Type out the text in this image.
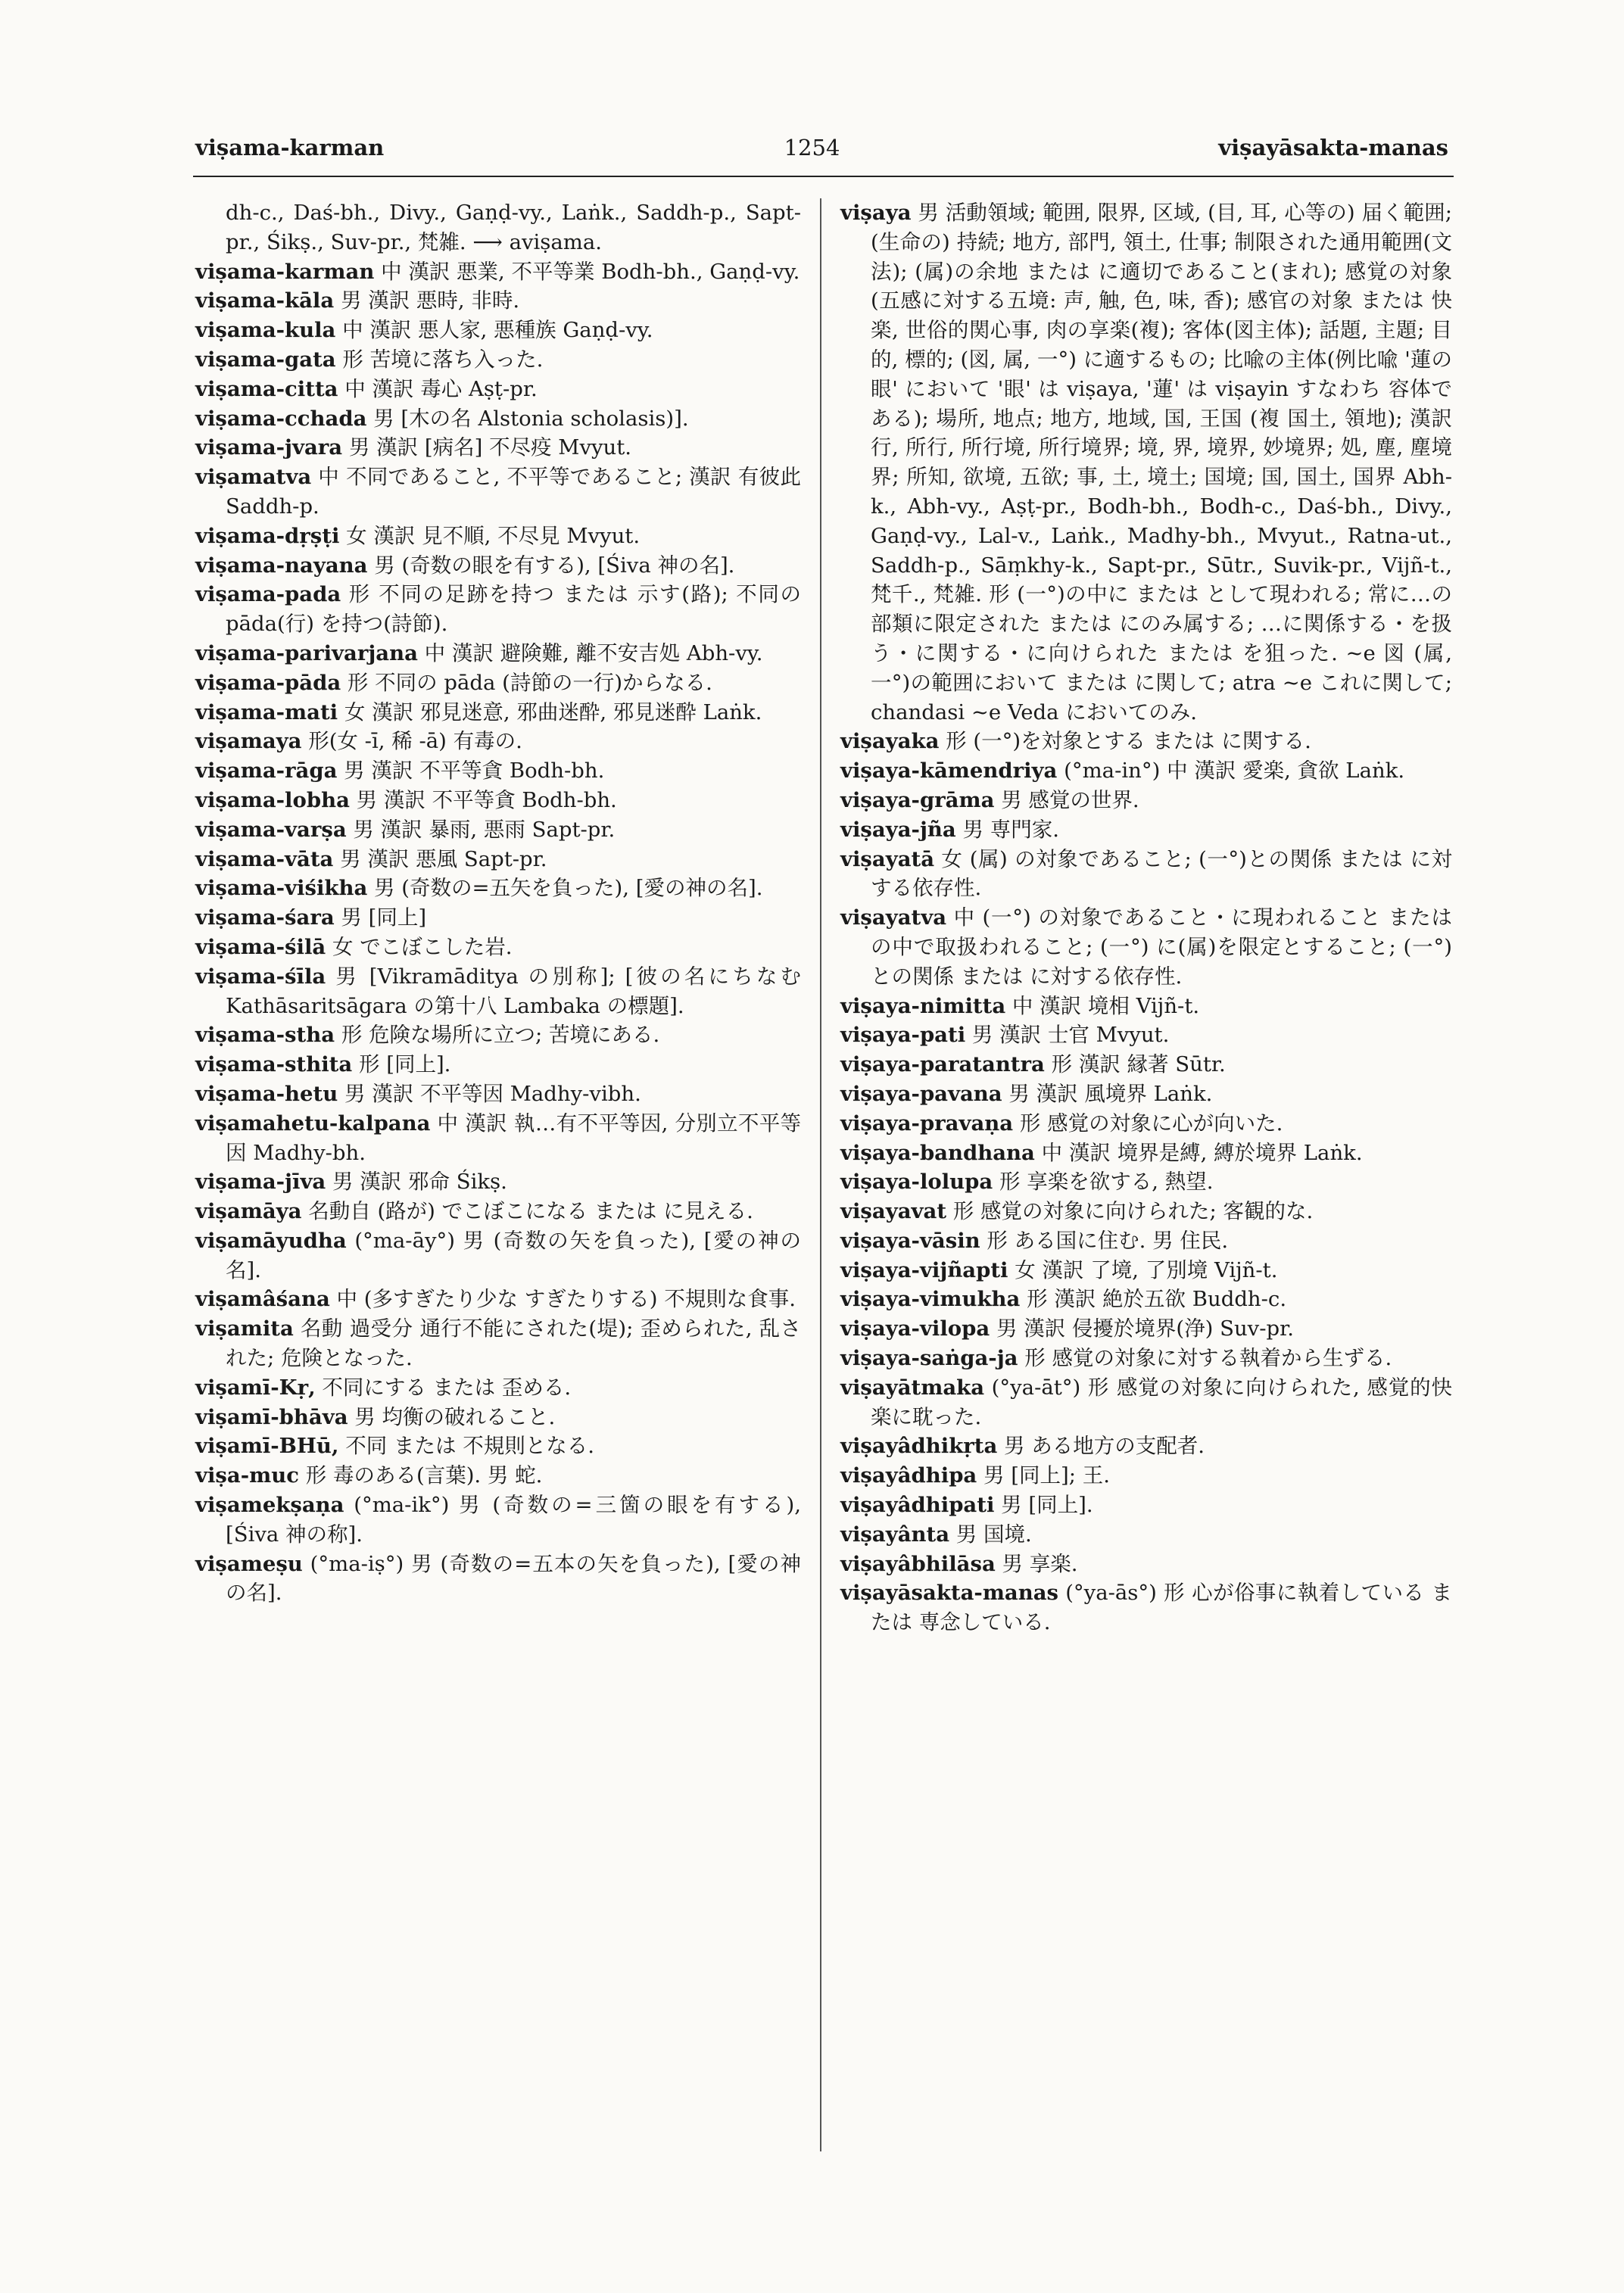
viṣama-karman	1254	viṣayāsakta-manas

dh-c., Daś-bh., Divy., Gaṇḍ-vy., Laṅk., Saddh-p., Sapt-pr., Śikṣ., Suv-pr., 梵雑. ⟶ aviṣama.

viṣama-karman 中 漢訳 悪業, 不平等業 Bodh-bh., Gaṇḍ-vy.

viṣama-kāla 男 漢訳 悪時, 非時.

viṣama-kula 中 漢訳 悪人家, 悪種族 Gaṇḍ-vy.

viṣama-gata 形 苦境に落ち入った.

viṣama-citta 中 漢訳 毒心 Aṣṭ-pr.

viṣama-cchada 男 [木の名 Alstonia scholasis)].

viṣama-jvara 男 漢訳 [病名] 不尽疫 Mvyut.

viṣamatva 中 不同であること, 不平等であること; 漢訳 有彼此 Saddh-p.

viṣama-dṛṣṭi 女 漢訳 見不順, 不尽見 Mvyut.

viṣama-nayana 男 (奇数の眼を有する), [Śiva 神の名].

viṣama-pada 形 不同の足跡を持つ または 示す(路); 不同の pāda(行) を持つ(詩節).

viṣama-parivarjana 中 漢訳 避険難, 離不安吉処 Abh-vy.

viṣama-pāda 形 不同の pāda (詩節の一行)からなる.

viṣama-mati 女 漢訳 邪見迷意, 邪曲迷酔, 邪見迷酔 Laṅk.

viṣamaya 形(女 -ī, 稀 -ā) 有毒の.

viṣama-rāga 男 漢訳 不平等貪 Bodh-bh.

viṣama-lobha 男 漢訳 不平等貪 Bodh-bh.

viṣama-varṣa 男 漢訳 暴雨, 悪雨 Sapt-pr.

viṣama-vāta 男 漢訳 悪風 Sapt-pr.

viṣama-viśikha 男 (奇数の=五矢を負った), [愛の神の名].

viṣama-śara 男 [同上]

viṣama-śilā 女 でこぼこした岩.

viṣama-śīla 男 [Vikramāditya の別称]; [彼の名にちなむ Kathāsaritsāgara の第十八 Lambaka の標題].

viṣama-stha 形 危険な場所に立つ; 苦境にある.

viṣama-sthita 形 [同上].

viṣama-hetu 男 漢訳 不平等因 Madhy-vibh.

viṣamahetu-kalpana 中 漢訳 執…有不平等因, 分別立不平等因 Madhy-bh.

viṣama-jīva 男 漢訳 邪命 Śikṣ.

viṣamāya 名動自 (路が) でこぼこになる または に見える.

viṣamāyudha (°ma-āy°) 男 (奇数の矢を負った), [愛の神の名].

viṣamâśana 中 (多すぎたり少な すぎたりする) 不規則な食事.

viṣamita 名動 過受分 通行不能にされた(堤); 歪められた, 乱された; 危険となった.

viṣamī-Kṛ, 不同にする または 歪める.

viṣamī-bhāva 男 均衡の破れること.

viṣamī-BHū, 不同 または 不規則となる.

viṣa-muc 形 毒のある(言葉). 男 蛇.

viṣamekṣaṇa (°ma-ik°) 男 (奇数の=三箇の眼を有する), [Śiva 神の称].

viṣameṣu (°ma-iṣ°) 男 (奇数の=五本の矢を負った), [愛の神の名].

viṣaya 男 活動領域; 範囲, 限界, 区域, (目, 耳, 心等の) 届く範囲; (生命の) 持続; 地方, 部門, 領土, 仕事; 制限された通用範囲(文法); (属)の余地 または に適切であること(まれ); 感覚の対象 (五感に対する五境: 声, 触, 色, 味, 香); 感官の対象 または 快楽, 世俗的関心事, 肉の享楽(複); 客体(図主体); 話題, 主題; 目的, 標的; (図, 属, 一°) に適するもの; 比喩の主体(例比喩 '蓮の眼' において '眼' は viṣaya, '蓮' は viṣayin すなわち 容体である); 場所, 地点; 地方, 地域, 国, 王国 (複 国土, 領地); 漢訳 行, 所行, 所行境, 所行境界; 境, 界, 境界, 妙境界; 処, 塵, 塵境界; 所知, 欲境, 五欲; 事, 土, 境土; 国境; 国, 国土, 国界 Abh-k., Abh-vy., Aṣṭ-pr., Bodh-bh., Bodh-c., Daś-bh., Divy., Gaṇḍ-vy., Lal-v., Laṅk., Madhy-bh., Mvyut., Ratna-ut., Saddh-p., Sāṃkhy-k., Sapt-pr., Sūtr., Suvik-pr., Vijñ-t., 梵千., 梵雑. 形 (一°)の中に または として現われる; 常に…の部類に限定された または にのみ属する; …に関係する・を扱う・に関する・に向けられた または を狙った. ~e 図 (属, 一°)の範囲において または に関して; atra ~e これに関して; chandasi ~e Veda においてのみ.

viṣayaka 形 (一°)を対象とする または に関する.

viṣaya-kāmendriya (°ma-in°) 中 漢訳 愛楽, 貪欲 Laṅk.

viṣaya-grāma 男 感覚の世界.

viṣaya-jña 男 専門家.

viṣayatā 女 (属) の対象であること; (一°)との関係 または に対する依存性.

viṣayatva 中 (一°) の対象であること・に現われること または の中で取扱われること; (一°) に(属)を限定とすること; (一°) との関係 または に対する依存性.

viṣaya-nimitta 中 漢訳 境相 Vijñ-t.

viṣaya-pati 男 漢訳 士官 Mvyut.

viṣaya-paratantra 形 漢訳 縁著 Sūtr.

viṣaya-pavana 男 漢訳 風境界 Laṅk.

viṣaya-pravaṇa 形 感覚の対象に心が向いた.

viṣaya-bandhana 中 漢訳 境界是縛, 縛於境界 Laṅk.

viṣaya-lolupa 形 享楽を欲する, 熱望.

viṣayavat 形 感覚の対象に向けられた; 客観的な.

viṣaya-vāsin 形 ある国に住む. 男 住民.

viṣaya-vijñapti 女 漢訳 了境, 了別境 Vijñ-t.

viṣaya-vimukha 形 漢訳 絶於五欲 Buddh-c.

viṣaya-vilopa 男 漢訳 侵擾於境界(浄) Suv-pr.

viṣaya-saṅga-ja 形 感覚の対象に対する執着から生ずる.

viṣayātmaka (°ya-āt°) 形 感覚の対象に向けられた, 感覚的快楽に耽った.

viṣayâdhikṛta 男 ある地方の支配者.

viṣayâdhipa 男 [同上]; 王.

viṣayâdhipati 男 [同上].

viṣayânta 男 国境.

viṣayâbhilāsa 男 享楽.

viṣayāsakta-manas (°ya-ās°) 形 心が俗事に執着している または 専念している.
